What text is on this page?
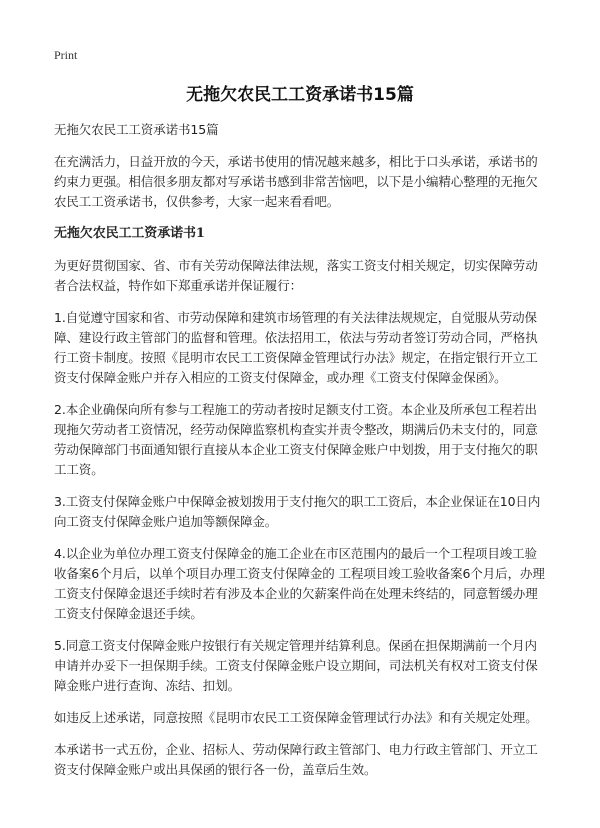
Print
无拖欠农民工工资承诺书15篇

无拖欠农民工工资承诺书15篇

在充满活力，日益开放的今天，承诺书使用的情况越来越多，相比于口头承诺，承诺书的约束力更强。相信很多朋友都对写承诺书感到非常苦恼吧，以下是小编精心整理的无拖欠农民工工资承诺书，仅供参考，大家一起来看看吧。

无拖欠农民工工资承诺书1

为更好贯彻国家、省、市有关劳动保障法律法规，落实工资支付相关规定，切实保障劳动者合法权益，特作如下郑重承诺并保证履行：

1.自觉遵守国家和省、市劳动保障和建筑市场管理的有关法律法规规定，自觉服从劳动保障、建设行政主管部门的监督和管理。依法招用工，依法与劳动者签订劳动合同，严格执行工资卡制度。按照《昆明市农民工工资保障金管理试行办法》规定，在指定银行开立工资支付保障金账户并存入相应的工资支付保障金，或办理《工资支付保障金保函》。

2.本企业确保向所有参与工程施工的劳动者按时足额支付工资。本企业及所承包工程若出现拖欠劳动者工资情况，经劳动保障监察机构查实并责令整改，期满后仍未支付的，同意劳动保障部门书面通知银行直接从本企业工资支付保障金账户中划拨，用于支付拖欠的职工工资。

3.工资支付保障金账户中保障金被划拨用于支付拖欠的职工工资后，本企业保证在10日内向工资支付保障金账户追加等额保障金。

4.以企业为单位办理工资支付保障金的施工企业在市区范围内的最后一个工程项目竣工验收备案6个月后，以单个项目办理工资支付保障金的 工程项目竣工验收备案6个月后，办理工资支付保障金退还手续时若有涉及本企业的欠薪案件尚在处理未终结的，同意暂缓办理工资支付保障金退还手续。

5.同意工资支付保障金账户按银行有关规定管理并结算利息。保函在担保期满前一个月内申请并办妥下一担保期手续。工资支付保障金账户设立期间，司法机关有权对工资支付保障金账户进行查询、冻结、扣划。

如违反上述承诺，同意按照《昆明市农民工工资保障金管理试行办法》和有关规定处理。

本承诺书一式五份，企业、招标人、劳动保障行政主管部门、电力行政主管部门、开立工资支付保障金账户或出具保函的银行各一份，盖章后生效。
